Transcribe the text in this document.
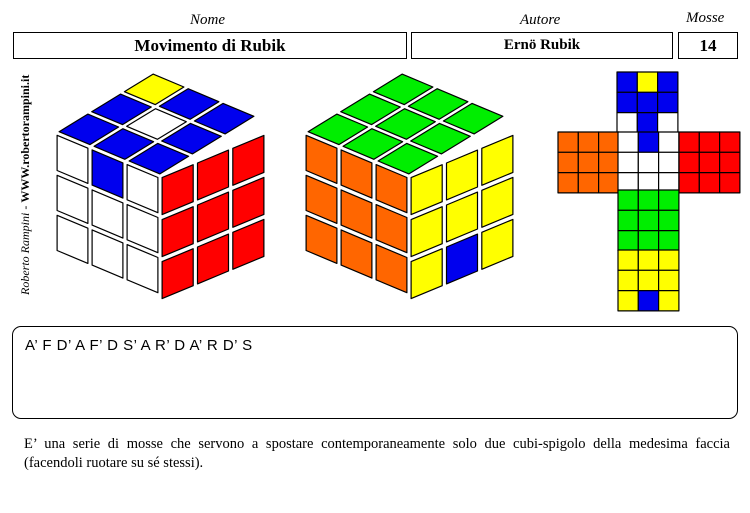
Nome	Autore	Mosse
Movimento di Rubik	Ernö Rubik	14
Roberto Rampini - WWW.robertorampini.it
A’ F D’ A F’ D S’ A R’ D A’ R D’ S
E’ una serie di mosse che servono a spostare contemporaneamente solo due cubi-spigolo della medesima faccia (facendoli ruotare su sé stessi).
